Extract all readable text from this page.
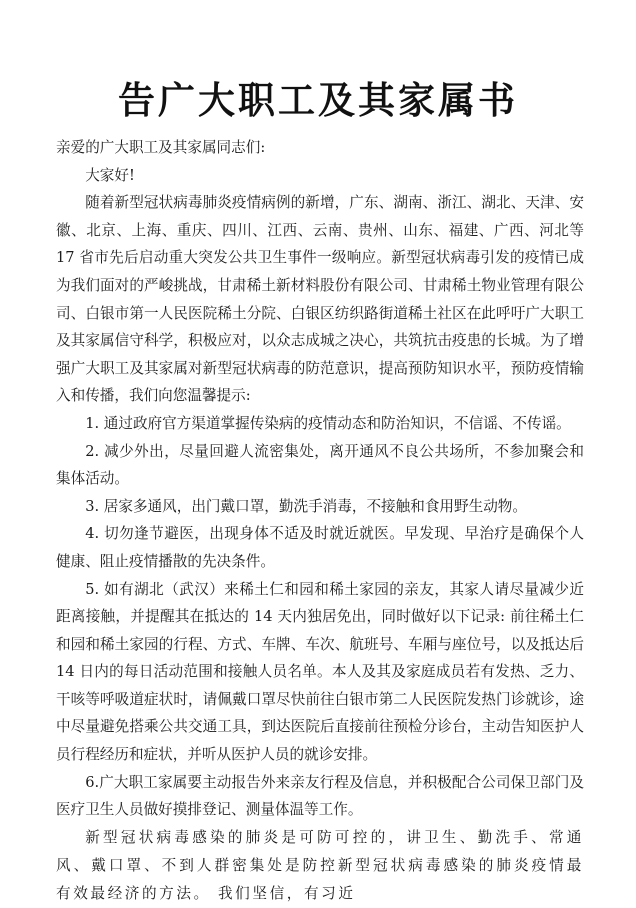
告广大职工及其家属书

亲爱的广大职工及其家属同志们:

大家好!

随着新型冠状病毒肺炎疫情病例的新增，广东、湖南、浙江、湖北、天津、安徽、北京、上海、重庆、四川、江西、云南、贵州、山东、福建、广西、河北等 17 省市先后启动重大突发公共卫生事件一级响应。新型冠状病毒引发的疫情已成为我们面对的严峻挑战，甘肃稀土新材料股份有限公司、甘肃稀土物业管理有限公司、白银市第一人民医院稀土分院、白银区纺织路街道稀土社区在此呼吁广大职工及其家属信守科学，积极应对，以众志成城之决心，共筑抗击疫患的长城。为了增强广大职工及其家属对新型冠状病毒的防范意识，提高预防知识水平，预防疫情输入和传播，我们向您温馨提示:

1. 通过政府官方渠道掌握传染病的疫情动态和防治知识，不信谣、不传谣。

2. 减少外出，尽量回避人流密集处，离开通风不良公共场所，不参加聚会和集体活动。

3. 居家多通风，出门戴口罩，勤洗手消毒，不接触和食用野生动物。

4. 切勿逢节避医，出现身体不适及时就近就医。早发现、早治疗是确保个人健康、阻止疫情播散的先决条件。

5. 如有湖北（武汉）来稀土仁和园和稀土家园的亲友，其家人请尽量减少近距离接触，并提醒其在抵达的 14 天内独居免出，同时做好以下记录: 前往稀土仁和园和稀土家园的行程、方式、车牌、车次、航班号、车厢与座位号，以及抵达后 14 日内的每日活动范围和接触人员名单。本人及其及家庭成员若有发热、乏力、干咳等呼吸道症状时，请佩戴口罩尽快前往白银市第二人民医院发热门诊就诊，途中尽量避免搭乘公共交通工具，到达医院后直接前往预检分诊台，主动告知医护人员行程经历和症状，并听从医护人员的就诊安排。

6.广大职工家属要主动报告外来亲友行程及信息，并积极配合公司保卫部门及医疗卫生人员做好摸排登记、测量体温等工作。

新型冠状病毒感染的肺炎是可防可控的，讲卫生、勤洗手、常通风、戴口罩、不到人群密集处是防控新型冠状病毒感染的肺炎疫情最有效最经济的方法。 我们坚信，有习近
